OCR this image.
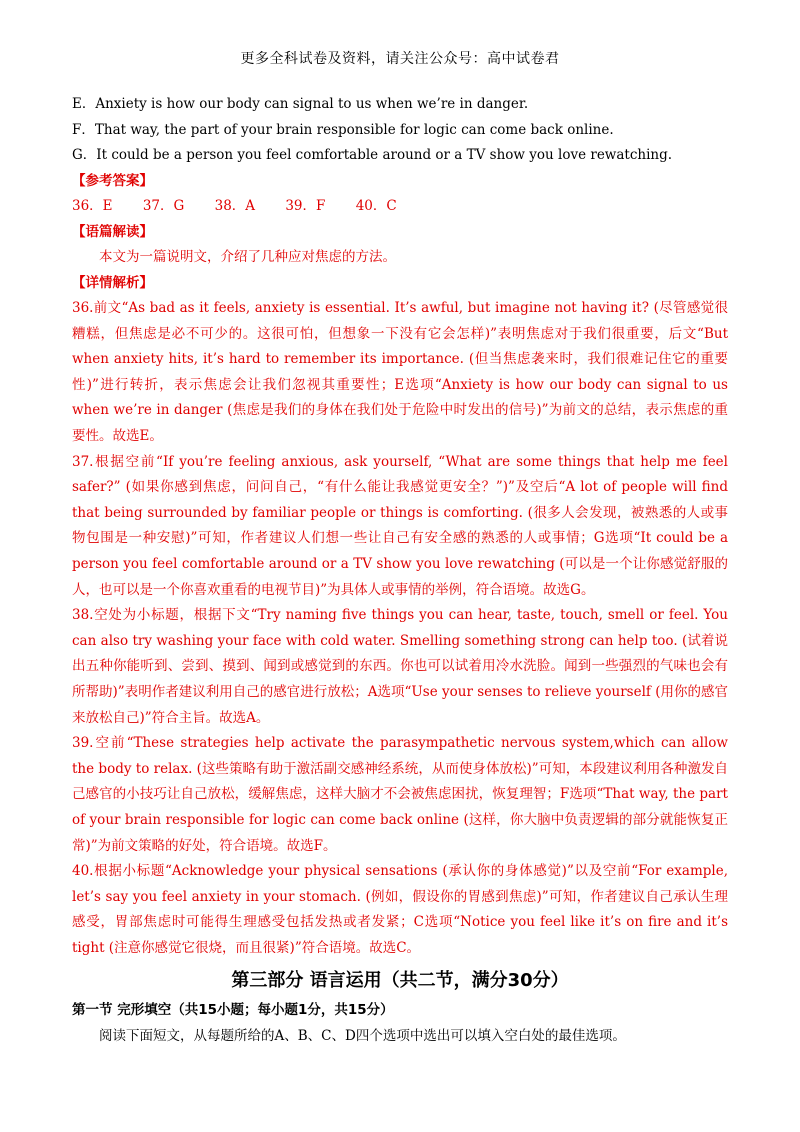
更多全科试卷及资料，请关注公众号：高中试卷君
E．Anxiety is how our body can signal to us when we’re in danger.
F．That way, the part of your brain responsible for logic can come back online.
G．It could be a person you feel comfortable around or a TV show you love rewatching.
【参考答案】
36．E 37．G 38．A 39．F 40．C
【语篇解读】

本文为一篇说明文，介绍了几种应对焦虑的方法。

【详情解析】

36.前文“As bad as it feels, anxiety is essential. It’s awful, but imagine not having it? (尽管感觉很糟糕，但焦虑是必不可少的。这很可怕，但想象一下没有它会怎样)”表明焦虑对于我们很重要，后文“But when anxiety hits, it’s hard to remember its importance. (但当焦虑袭来时，我们很难记住它的重要性)”进行转折，表示焦虑会让我们忽视其重要性；E选项“Anxiety is how our body can signal to us when we’re in danger (焦虑是我们的身体在我们处于危险中时发出的信号)”为前文的总结，表示焦虑的重要性。故选E。

37.根据空前“If you’re feeling anxious, ask yourself, “What are some things that help me feel safer?” (如果你感到焦虑，问问自己，“有什么能让我感觉更安全？”)”及空后“A lot of people will find that being surrounded by familiar people or things is comforting. (很多人会发现，被熟悉的人或事物包围是一种安慰)”可知，作者建议人们想一些让自己有安全感的熟悉的人或事情；G选项“It could be a person you feel comfortable around or a TV show you love rewatching (可以是一个让你感觉舒服的人，也可以是一个你喜欢重看的电视节目)”为具体人或事情的举例，符合语境。故选G。

38.空处为小标题，根据下文“Try naming five things you can hear, taste, touch, smell or feel. You can also try washing your face with cold water. Smelling something strong can help too. (试着说出五种你能听到、尝到、摸到、闻到或感觉到的东西。你也可以试着用冷水洗脸。闻到一些强烈的气味也会有所帮助)”表明作者建议利用自己的感官进行放松；A选项“Use your senses to relieve yourself (用你的感官来放松自己)”符合主旨。故选A。

39.空前“These strategies help activate the parasympathetic nervous system,which can allow the body to relax. (这些策略有助于激活副交感神经系统，从而使身体放松)”可知，本段建议利用各种激发自己感官的小技巧让自己放松，缓解焦虑，这样大脑才不会被焦虑困扰，恢复理智；F选项“That way, the part of your brain responsible for logic can come back online (这样，你大脑中负责逻辑的部分就能恢复正常)”为前文策略的好处，符合语境。故选F。

40.根据小标题“Acknowledge your physical sensations (承认你的身体感觉)”以及空前“For example, let’s say you feel anxiety in your stomach. (例如，假设你的胃感到焦虑)”可知，作者建议自己承认生理感受，胃部焦虑时可能得生理感受包括发热或者发紧；C选项“Notice you feel like it’s on fire and it’s tight (注意你感觉它很烧，而且很紧)”符合语境。故选C。

第三部分 语言运用（共二节，满分30分）
第一节 完形填空（共15小题；每小题1分，共15分）

阅读下面短文，从每题所给的A、B、C、D四个选项中选出可以填入空白处的最佳选项。
